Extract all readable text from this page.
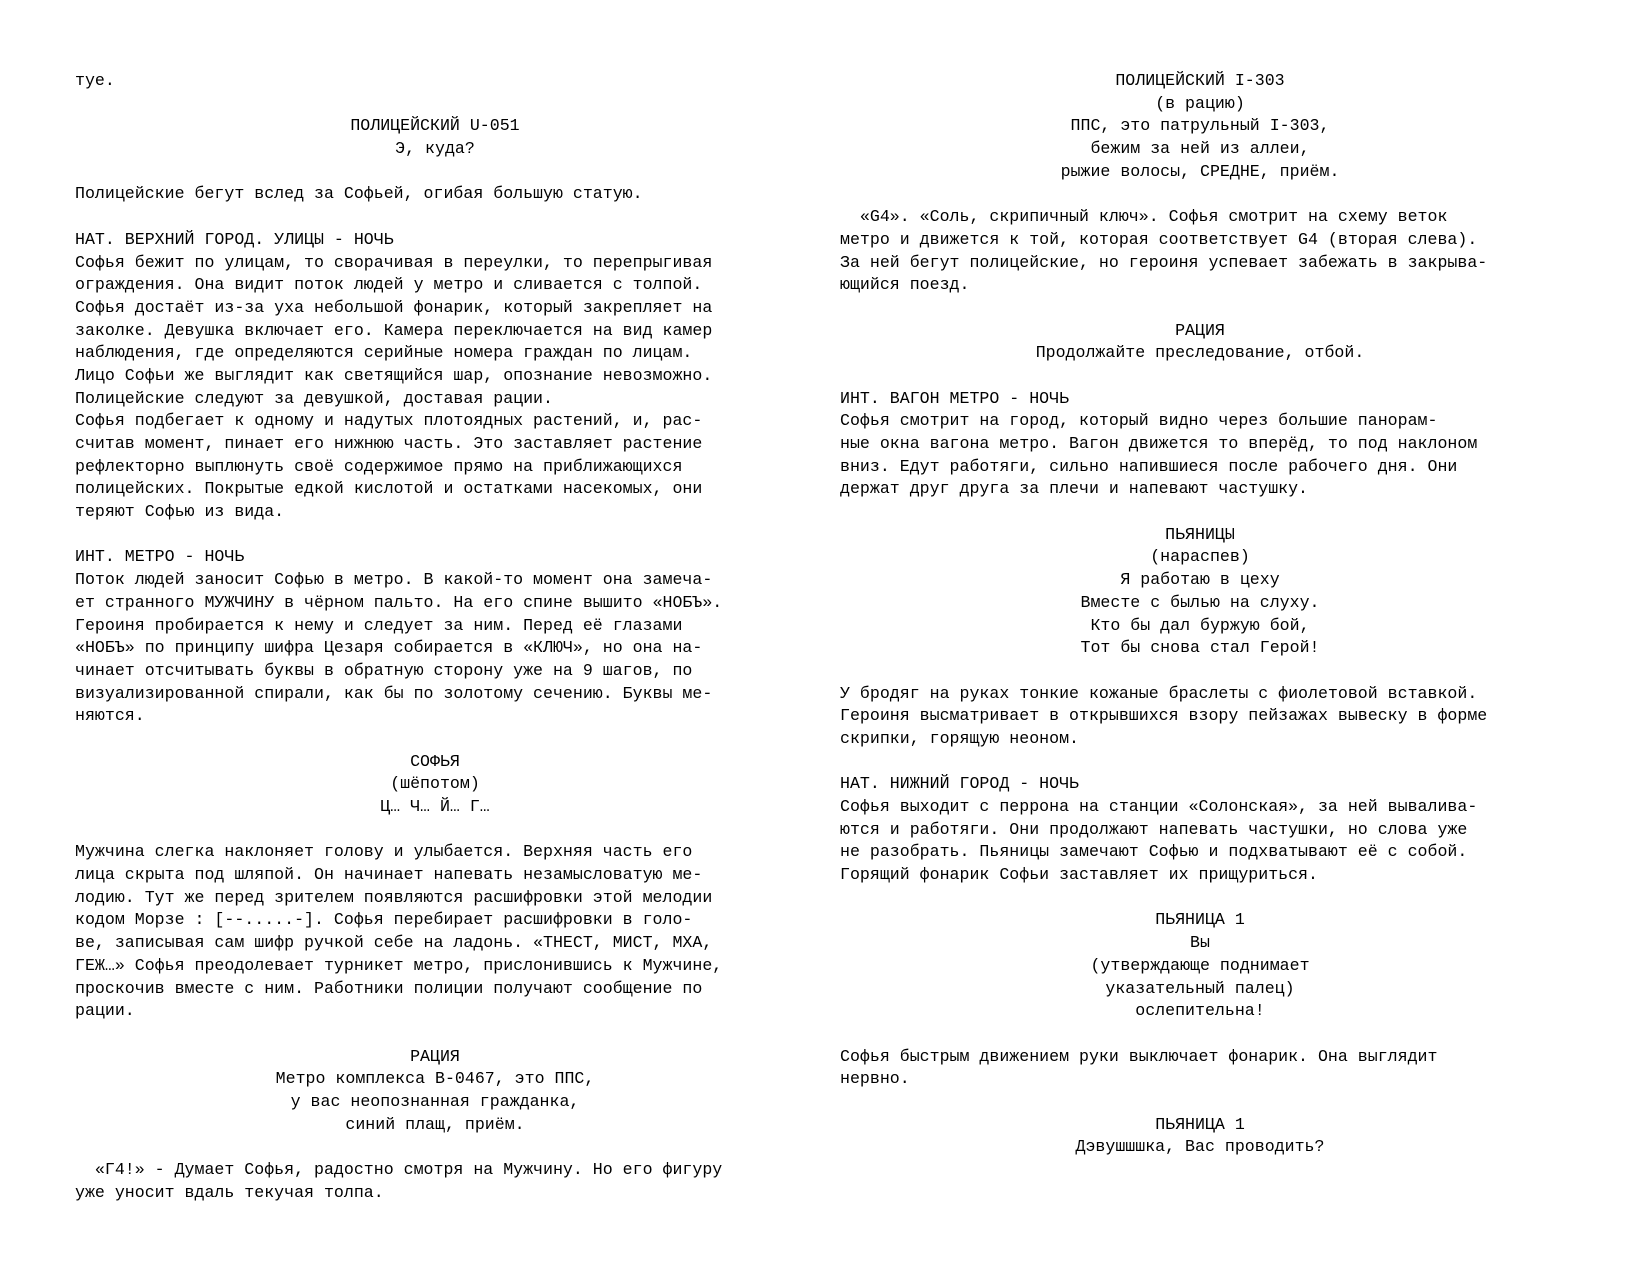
тye.
ПОЛИЦЕЙСКИЙ U-051
Э, куда?
Полицейские бегут вслед за Софьей, огибая большую статую.
НАТ. ВЕРХНИЙ ГОРОД. УЛИЦЫ - НОЧЬ
Софья бежит по улицам, то сворачивая в переулки, то перепрыгивая
ограждения. Она видит поток людей у метро и сливается с толпой.
Софья достаёт из-за уха небольшой фонарик, который закрепляет на
заколке. Девушка включает его. Камера переключается на вид камер
наблюдения, где определяются серийные номера граждан по лицам.
Лицо Софьи же выглядит как светящийся шар, опознание невозможно.
Полицейские следуют за девушкой, доставая рации.
Софья подбегает к одному и надутых плотоядных растений, и, рас-
считав момент, пинает его нижнюю часть. Это заставляет растение
рефлекторно выплюнуть своё содержимое прямо на приближающихся
полицейских. Покрытые едкой кислотой и остатками насекомых, они
теряют Софью из вида.
ИНТ. МЕТРО - НОЧЬ
Поток людей заносит Софью в метро. В какой-то момент она замеча-
ет странного МУЖЧИНУ в чёрном пальто. На его спине вышито «НОБЪ».
Героиня пробирается к нему и следует за ним. Перед её глазами
«НОБЪ» по принципу шифра Цезаря собирается в «КЛЮЧ», но она на-
чинает отсчитывать буквы в обратную сторону уже на 9 шагов, по
визуализированной спирали, как бы по золотому сечению. Буквы ме-
няются.
СОФЬЯ
(шёпотом)
Ц… Ч… Й… Г…
Мужчина слегка наклоняет голову и улыбается. Верхняя часть его
лица скрыта под шляпой. Он начинает напевать незамысловатую ме-
лодию. Тут же перед зрителем появляются расшифровки этой мелодии
кодом Морзе : [--.....-]. Софья перебирает расшифровки в голо-
ве, записывая сам шифр ручкой себе на ладонь. «ТНЕСТ, МИСТ, МХА,
ГЕЖ…» Софья преодолевает турникет метро, прислонившись к Мужчине,
проскочив вместе с ним. Работники полиции получают сообщение по
рации.
РАЦИЯ
Метро комплекса B-0467, это ППС,
у вас неопознанная гражданка,
синий плащ, приём.
«Г4!» - Думает Софья, радостно смотря на Мужчину. Но его фигуру
уже уносит вдаль текучая толпа.
ПОЛИЦЕЙСКИЙ I-303
(в рацию)
ППС, это патрульный I-303,
бежим за ней из аллеи,
рыжие волосы, СРЕДНЕ, приём.
«G4». «Соль, скрипичный ключ». Софья смотрит на схему веток
метро и движется к той, которая соответствует G4 (вторая слева).
За ней бегут полицейские, но героиня успевает забежать в закрыва-
ющийся поезд.
РАЦИЯ
Продолжайте преследование, отбой.
ИНТ. ВАГОН МЕТРО - НОЧЬ
Софья смотрит на город, который видно через большие панорам-
ные окна вагона метро. Вагон движется то вперёд, то под наклоном
вниз. Едут работяги, сильно напившиеся после рабочего дня. Они
держат друг друга за плечи и напевают частушку.
ПЬЯНИЦЫ
(нараспев)
Я работаю в цеху
Вместе с былью на слуху.
Кто бы дал буржую бой,
Тот бы снова стал Герой!
У бродяг на руках тонкие кожаные браслеты с фиолетовой вставкой.
Героиня высматривает в открывшихся взору пейзажах вывеску в форме
скрипки, горящую неоном.
НАТ. НИЖНИЙ ГОРОД - НОЧЬ
Софья выходит с перрона на станции «Солонская», за ней вывалива-
ются и работяги. Они продолжают напевать частушки, но слова уже
не разобрать. Пьяницы замечают Софью и подхватывают её с собой.
Горящий фонарик Софьи заставляет их прищуриться.
ПЬЯНИЦА 1
Вы
(утверждающе поднимает
указательный палец)
ослепительна!
Софья быстрым движением руки выключает фонарик. Она выглядит
нервно.
ПЬЯНИЦА 1
Дэвушшшка, Вас проводить?
